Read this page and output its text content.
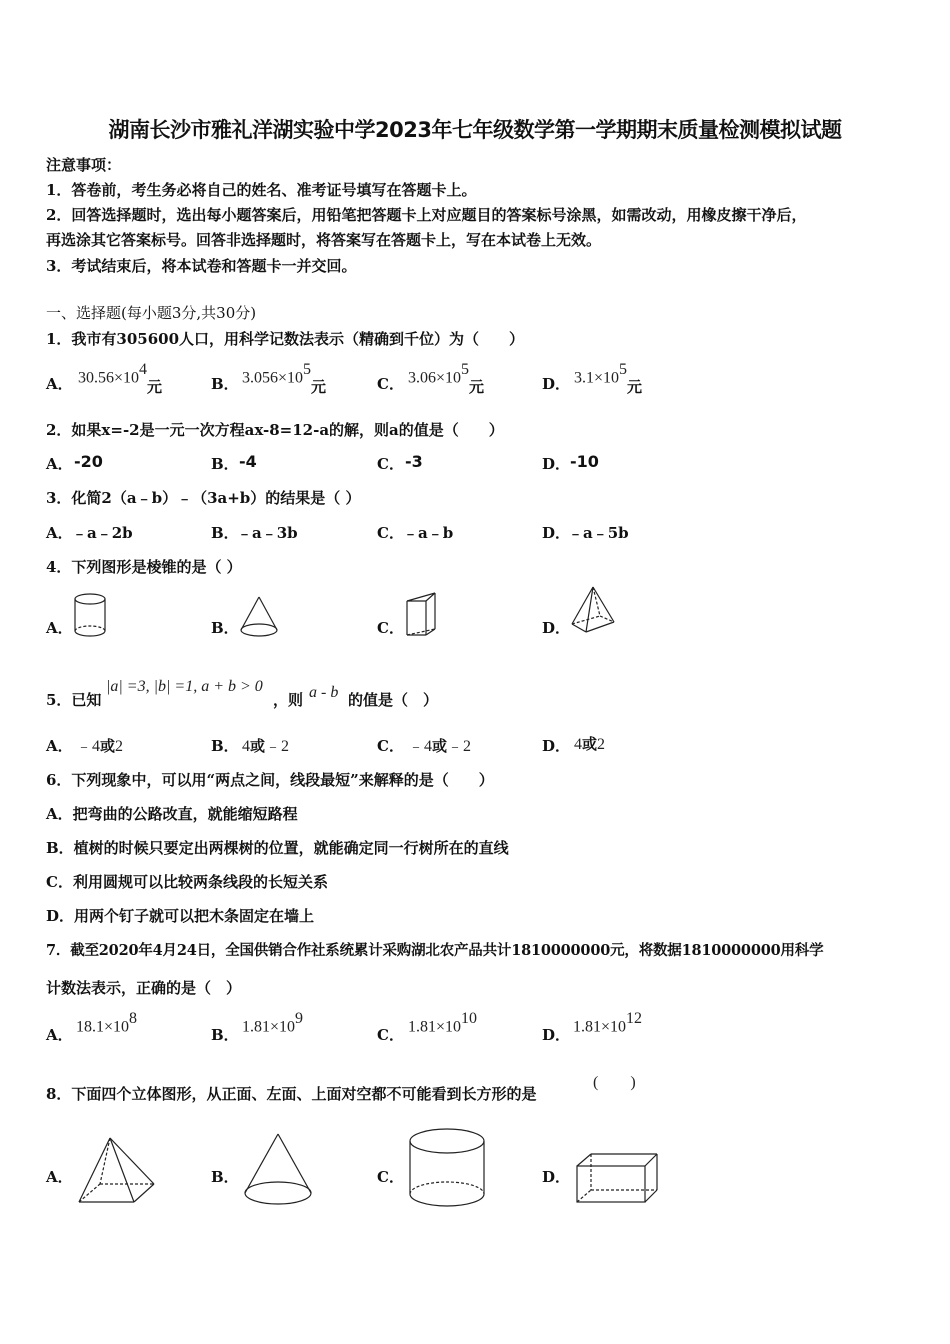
湖南长沙市雅礼洋湖实验中学2023年七年级数学第一学期期末质量检测模拟试题
注意事项：
1．答卷前，考生务必将自己的姓名、准考证号填写在答题卡上。
2．回答选择题时，选出每小题答案后，用铅笔把答题卡上对应题目的答案标号涂黑，如需改动，用橡皮擦干净后，
再选涂其它答案标号。回答非选择题时，将答案写在答题卡上，写在本试卷上无效。
3．考试结束后，将本试卷和答题卡一并交回。
一、选择题(每小题3分,共30分)
1．我市有305600人口，用科学记数法表示（精确到千位）为（　　）
A． $30.56\times 10^4$元	B． $3.056\times 10^5$元	C． $3.06\times 10^5$元	D． $3.1\times 10^5$元
2．如果x=-2是一元一次方程ax-8=12-a的解，则a的值是（　　）
A． -20	B． -4	C． -3	D． -10
3．化简2（a﹣b）﹣（3a+b）的结果是（ ）
A． ﹣a﹣2b	B．
﹣a﹣3b	C． ﹣a﹣b	D．
﹣a﹣5b
4．下列图形是棱锥的是（ ）
A．	B．	C．	D．
5．已知
|a| =3, |b| =1, a + b > 0
，则 a - b 的值是（　）
A． ﹣4或2	B． 4或﹣2	C． ﹣4或﹣2	D． 4或2
6．下列现象中，可以用“两点之间，线段最短”来解释的是（　　）
A．把弯曲的公路改直，就能缩短路程
B．植树的时候只要定出两棵树的位置，就能确定同一行树所在的直线
C．利用圆规可以比较两条线段的长短关系
D．用两个钉子就可以把木条固定在墙上
7．截至2020年4月24日，全国供销合作社系统累计采购湖北农产品共计1810000000元，将数据1810000000用科学
计数法表示，正确的是（　）
A． $18.1\times 10^8$
B． $1.81\times 10^9$
C． $1.81\times 10^{10}$
D． $1.81\times 10^{12}$
8．下面四个立体图形，从正面、左面、上面对空都不可能看到长方形的是
(　　)
A．	B．	C．	D．
